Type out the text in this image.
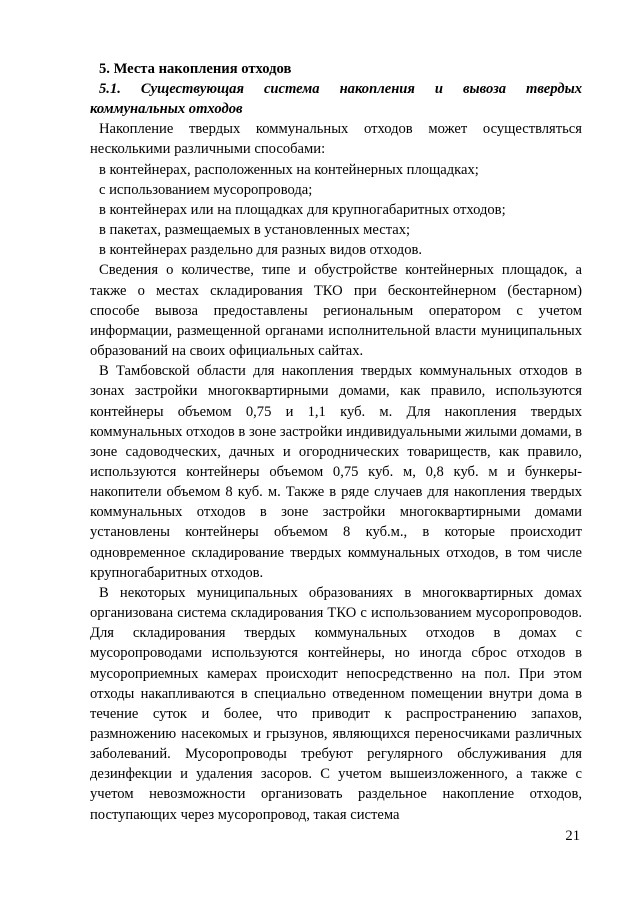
5. Места накопления отходов

5.1. Существующая система накопления и вывоза твердых коммунальных отходов

Накопление твердых коммунальных отходов может осуществляться несколькими различными способами:

в контейнерах, расположенных на контейнерных площадках;
с использованием мусоропровода;
в контейнерах или на площадках для крупногабаритных отходов;
в пакетах, размещаемых в установленных местах;
в контейнерах раздельно для разных видов отходов.

Сведения о количестве, типе и обустройстве контейнерных площадок, а также о местах складирования ТКО при бесконтейнерном (бестарном) способе вывоза предоставлены региональным оператором с учетом информации, размещенной органами исполнительной власти муниципальных образований на своих официальных сайтах.

В Тамбовской области для накопления твердых коммунальных отходов в зонах застройки многоквартирными домами, как правило, используются контейнеры объемом 0,75 и 1,1 куб. м. Для накопления твердых коммунальных отходов в зоне застройки индивидуальными жилыми домами, в зоне садоводческих, дачных и огороднических товариществ, как правило, используются контейнеры объемом 0,75 куб. м, 0,8 куб. м и бункеры-накопители объемом 8 куб. м. Также в ряде случаев для накопления твердых коммунальных отходов в зоне застройки многоквартирными домами установлены контейнеры объемом 8 куб.м., в которые происходит одновременное складирование твердых коммунальных отходов, в том числе крупногабаритных отходов.

В некоторых муниципальных образованиях в многоквартирных домах организована система складирования ТКО с использованием мусоропроводов. Для складирования твердых коммунальных отходов в домах с мусоропроводами используются контейнеры, но иногда сброс отходов в мусороприемных камерах происходит непосредственно на пол. При этом отходы накапливаются в специально отведенном помещении внутри дома в течение суток и более, что приводит к распространению запахов, размножению насекомых и грызунов, являющихся переносчиками различных заболеваний. Мусоропроводы требуют регулярного обслуживания для дезинфекции и удаления засоров. С учетом вышеизложенного, а также с учетом невозможности организовать раздельное накопление отходов, поступающих через мусоропровод, такая система

21
